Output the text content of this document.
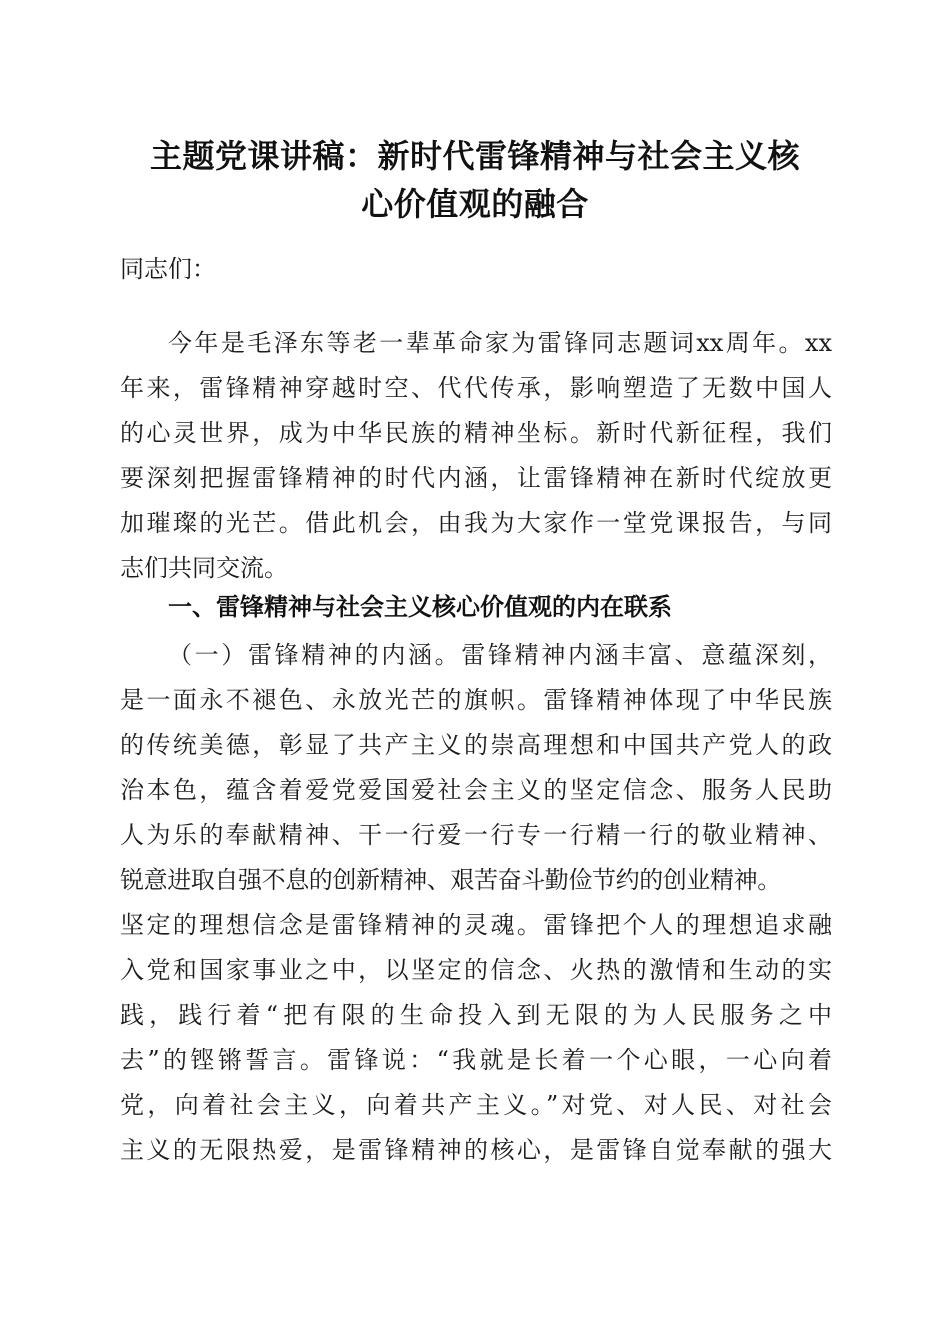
主题党课讲稿：新时代雷锋精神与社会主义核
心价值观的融合
同志们：
今年是毛泽东等老一辈革命家为雷锋同志题词xx周年。xx
年来，雷锋精神穿越时空、代代传承，影响塑造了无数中国人
的心灵世界，成为中华民族的精神坐标。新时代新征程，我们
要深刻把握雷锋精神的时代内涵，让雷锋精神在新时代绽放更
加璀璨的光芒。借此机会，由我为大家作一堂党课报告，与同
志们共同交流。
一、雷锋精神与社会主义核心价值观的内在联系
（一）雷锋精神的内涵。雷锋精神内涵丰富、意蕴深刻，
是一面永不褪色、永放光芒的旗帜。雷锋精神体现了中华民族
的传统美德，彰显了共产主义的崇高理想和中国共产党人的政
治本色，蕴含着爱党爱国爱社会主义的坚定信念、服务人民助
人为乐的奉献精神、干一行爱一行专一行精一行的敬业精神、
锐意进取自强不息的创新精神、艰苦奋斗勤俭节约的创业精神。
坚定的理想信念是雷锋精神的灵魂。雷锋把个人的理想追求融
入党和国家事业之中，以坚定的信念、火热的激情和生动的实
践，践行着“把有限的生命投入到无限的为人民服务之中
去”的铿锵誓言。雷锋说：“我就是长着一个心眼，一心向着
党，向着社会主义，向着共产主义。”对党、对人民、对社会
主义的无限热爱，是雷锋精神的核心，是雷锋自觉奉献的强大
